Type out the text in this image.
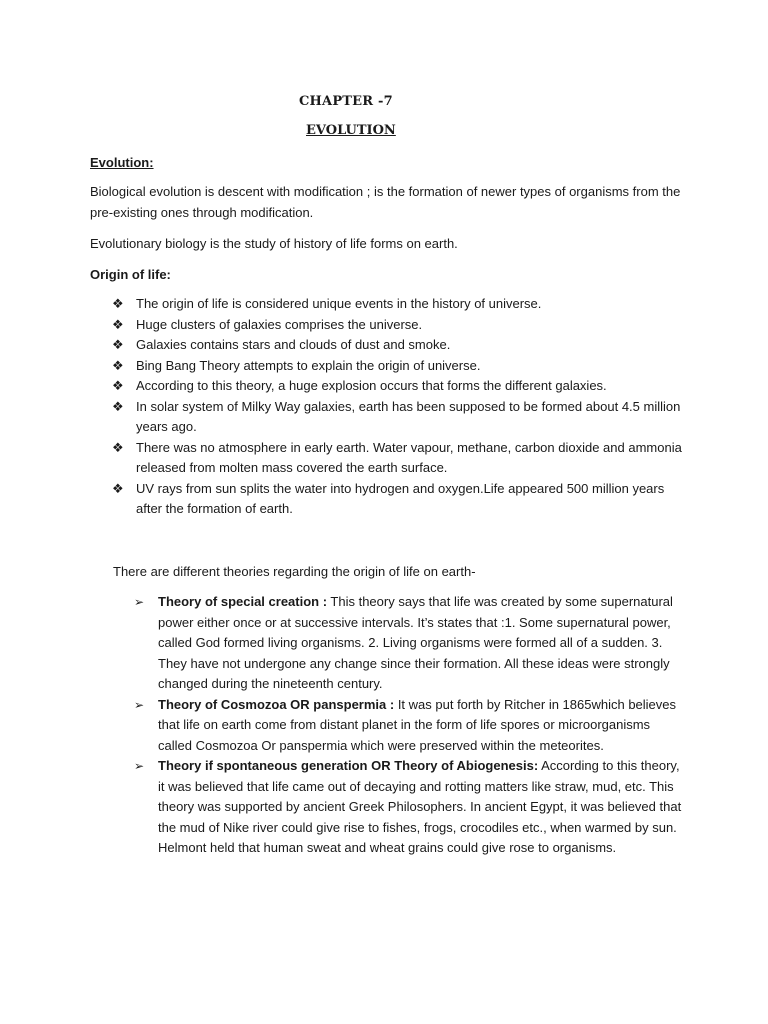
CHAPTER -7
EVOLUTION

Evolution:

Biological evolution is descent with modification ; is the formation of newer types of organisms from the pre-existing ones through modification.

Evolutionary biology is the study of history of life forms on earth.

Origin of life:

❖ The origin of life is considered unique events in the history of universe.
❖ Huge clusters of galaxies comprises the universe.
❖ Galaxies contains stars and clouds of dust and smoke.
❖ Bing Bang Theory attempts to explain the origin of universe.
❖ According to this theory, a huge explosion occurs that forms the different galaxies.
❖ In solar system of Milky Way galaxies, earth has been supposed to be formed about 4.5 million years ago.
❖ There was no atmosphere in early earth. Water vapour, methane, carbon dioxide and ammonia released from molten mass covered the earth surface.
❖ UV rays from sun splits the water into hydrogen and oxygen.Life appeared 500 million years after the formation of earth.
There are different theories regarding the origin of life on earth-
➢ Theory of special creation : This theory says that life was created by some supernatural power either once or at successive intervals. It’s states that :1. Some supernatural power, called God formed living organisms. 2. Living organisms were formed all of a sudden. 3. They have not undergone any change since their formation. All these ideas were strongly changed during the nineteenth century.
➢ Theory of Cosmozoa OR panspermia : It was put forth by Ritcher in 1865which believes that life on earth come from distant planet in the form of life spores or microorganisms called Cosmozoa Or panspermia which were preserved within the meteorites.
➢ Theory if spontaneous generation OR Theory of Abiogenesis: According to this theory, it was believed that life came out of decaying and rotting matters like straw, mud, etc. This theory was supported by ancient Greek Philosophers. In ancient Egypt, it was believed that the mud of Nike river could give rise to fishes, frogs, crocodiles etc., when warmed by sun. Helmont held that human sweat and wheat grains could give rose to organisms.
